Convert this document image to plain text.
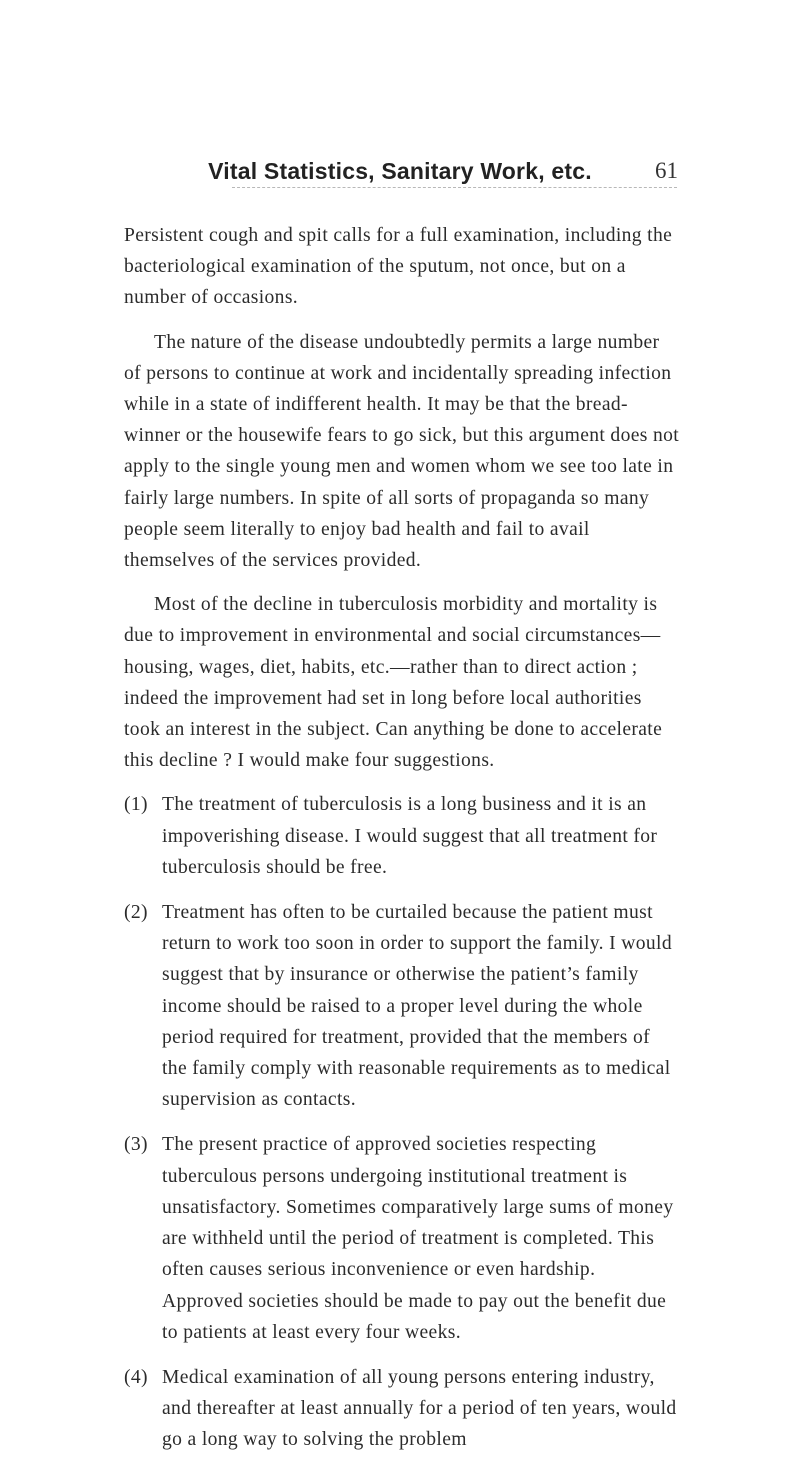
Vital Statistics, Sanitary Work, etc.	61

Persistent cough and spit calls for a full examination, including the bacteriological examination of the sputum, not once, but on a number of occasions.

The nature of the disease undoubtedly permits a large number of persons to continue at work and incidentally spreading infection while in a state of indifferent health. It may be that the bread-winner or the housewife fears to go sick, but this argument does not apply to the single young men and women whom we see too late in fairly large numbers. In spite of all sorts of propaganda so many people seem literally to enjoy bad health and fail to avail themselves of the services provided.

Most of the decline in tuberculosis morbidity and mortality is due to improvement in environmental and social circumstances—housing, wages, diet, habits, etc.—rather than to direct action ; indeed the improvement had set in long before local authorities took an interest in the subject. Can anything be done to accelerate this decline ? I would make four suggestions.

(1) The treatment of tuberculosis is a long business and it is an impoverishing disease. I would suggest that all treatment for tuberculosis should be free.
(2) Treatment has often to be curtailed because the patient must return to work too soon in order to support the family. I would suggest that by insurance or otherwise the patient’s family income should be raised to a proper level during the whole period required for treatment, provided that the members of the family comply with reasonable requirements as to medical supervision as contacts.
(3) The present practice of approved societies respecting tuberculous persons undergoing institutional treatment is unsatisfactory. Sometimes comparatively large sums of money are withheld until the period of treatment is completed. This often causes serious inconvenience or even hardship. Approved societies should be made to pay out the benefit due to patients at least every four weeks.
(4) Medical examination of all young persons entering industry, and thereafter at least annually for a period of ten years, would go a long way to solving the problem
